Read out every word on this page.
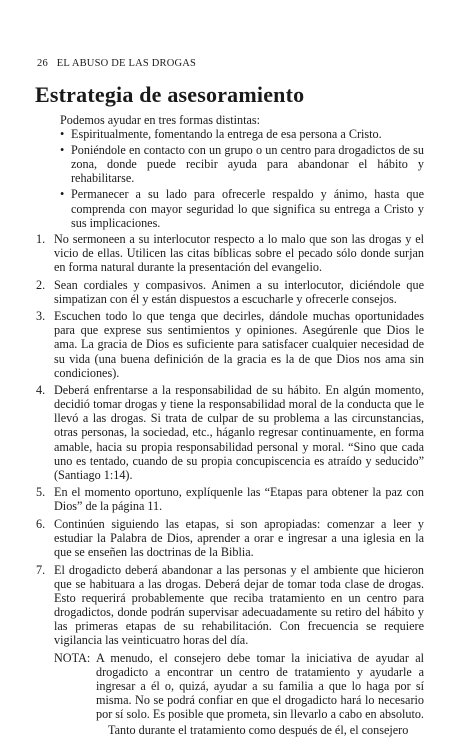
26 EL ABUSO DE LAS DROGAS
Estrategia de asesoramiento

Podemos ayudar en tres formas distintas:

• Espiritualmente, fomentando la entrega de esa persona a Cristo.
• Poniéndole en contacto con un grupo o un centro para drogadictos de su zona, donde puede recibir ayuda para abandonar el hábito y rehabilitarse.
• Permanecer a su lado para ofrecerle respaldo y ánimo, hasta que comprenda con mayor seguridad lo que significa su entrega a Cristo y sus implicaciones.
1. No sermoneen a su interlocutor respecto a lo malo que son las drogas y el vicio de ellas. Utilicen las citas bíblicas sobre el pecado sólo donde surjan en forma natural durante la presentación del evangelio.
2. Sean cordiales y compasivos. Animen a su interlocutor, diciéndole que simpatizan con él y están dispuestos a escucharle y ofrecerle consejos.
3. Escuchen todo lo que tenga que decirles, dándole muchas oportunidades para que exprese sus sentimientos y opiniones. Asegúrenle que Dios le ama. La gracia de Dios es suficiente para satisfacer cualquier necesidad de su vida (una buena definición de la gracia es la de que Dios nos ama sin condiciones).
4. Deberá enfrentarse a la responsabilidad de su hábito. En algún momento, decidió tomar drogas y tiene la responsabilidad moral de la conducta que le llevó a las drogas. Si trata de culpar de su problema a las circunstancias, otras personas, la sociedad, etc., háganlo regresar continuamente, en forma amable, hacia su propia responsabilidad personal y moral. “Sino que cada uno es tentado, cuando de su propia concupiscencia es atraído y seducido” (Santiago 1:14).
5. En el momento oportuno, explíquenle las “Etapas para obtener la paz con Dios” de la página 11.
6. Continúen siguiendo las etapas, si son apropiadas: comenzar a leer y estudiar la Palabra de Dios, aprender a orar e ingresar a una iglesia en la que se enseñen las doctrinas de la Biblia.
7. El drogadicto deberá abandonar a las personas y el ambiente que hicieron que se habituara a las drogas. Deberá dejar de tomar toda clase de drogas. Esto requerirá probablemente que reciba tratamiento en un centro para drogadictos, donde podrán supervisar adecuadamente su retiro del hábito y las primeras etapas de su rehabilitación. Con frecuencia se requiere vigilancia las veinticuatro horas del día.
NOTA: A menudo, el consejero debe tomar la iniciativa de ayudar al drogadicto a encontrar un centro de tratamiento y ayudarle a ingresar a él o, quizá, ayudar a su familia a que lo haga por sí misma. No se podrá confiar en que el drogadicto hará lo necesario por sí solo. Es posible que prometa, sin llevarlo a cabo en absoluto.

Tanto durante el tratamiento como después de él, el consejero
